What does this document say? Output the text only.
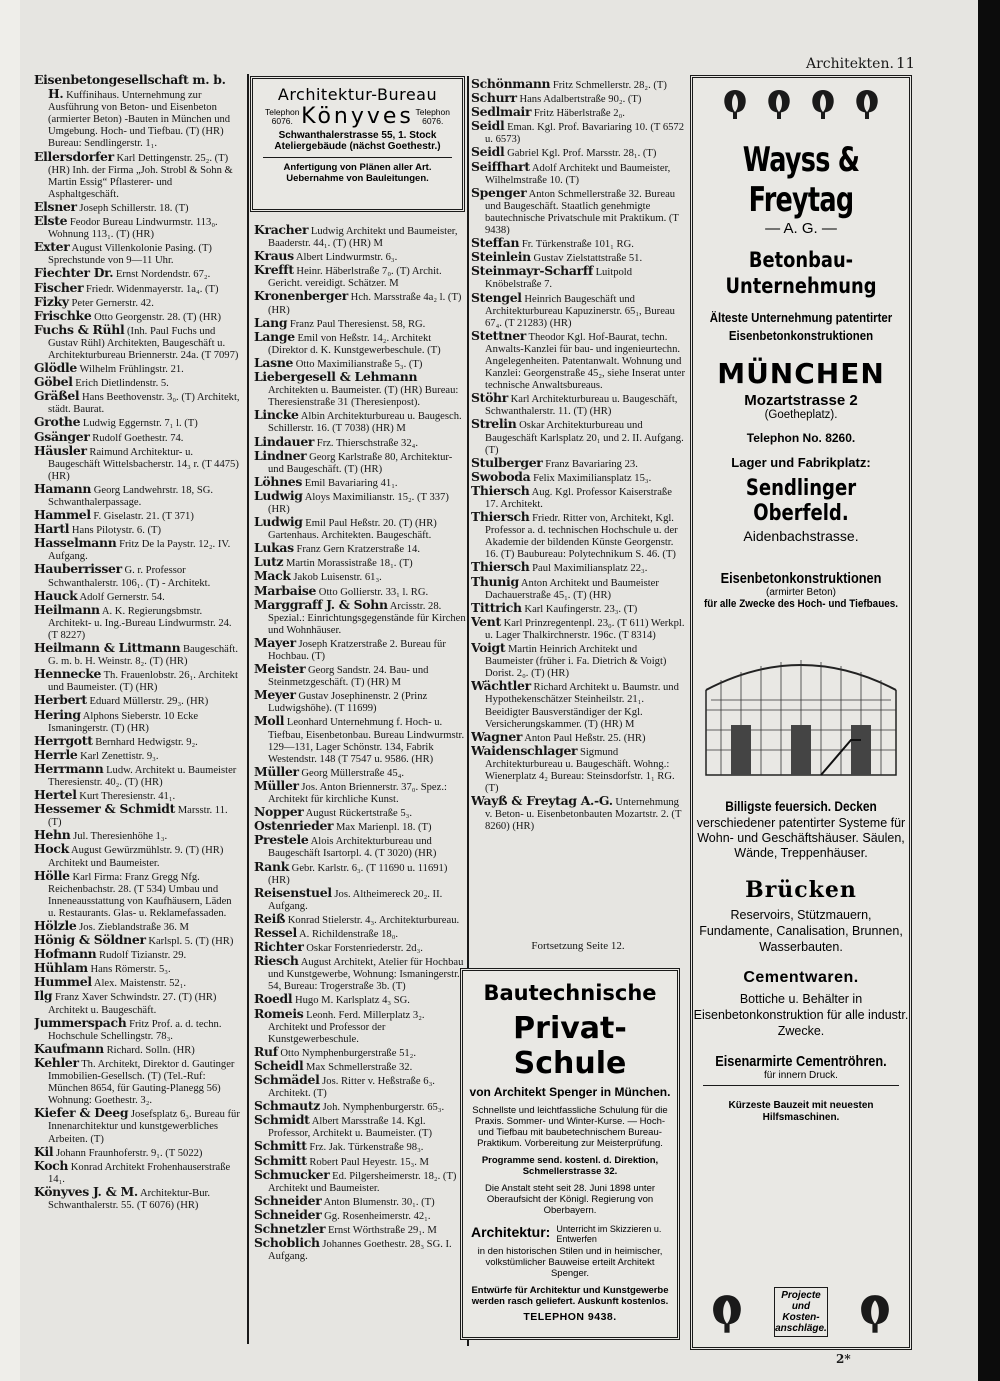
Architekten. 11

Eisenbetongesellschaft m. b. H. Kuffinihaus. Unternehmung zur Ausführung von Beton- und Eisenbeton (armierter Beton) -Bauten in München und Umgebung. Hoch- und Tiefbau. (T) (HR) Bureau: Sendlingerstr. 1₁.

Ellersdorfer Karl Dettingenstr. 25₂. (T) (HR) Inh. der Firma „Joh. Strobl & Sohn & Martin Essig“ Pflasterer- und Asphaltgeschäft.

Elsner Joseph Schillerstr. 18. (T)

Elste Feodor Bureau Lindwurmstr. 113₀. Wohnung 113₁. (T) (HR)

Exter August Villenkolonie Pasing. (T) Sprechstunde von 9—11 Uhr.

Fiechter Dr. Ernst Nordendstr. 67₂.

Fischer Friedr. Widenmayerstr. 1a₄. (T)

Fizky Peter Gernerstr. 42.

Frischke Otto Georgenstr. 28. (T) (HR)

Fuchs & Rühl (Inh. Paul Fuchs und Gustav Rühl) Architekten, Baugeschäft u. Architekturbureau Briennerstr. 24a. (T 7097)

Glödle Wilhelm Frühlingstr. 21.

Göbel Erich Dietlindenstr. 5.

Gräßel Hans Beethovenstr. 3₀. (T) Architekt, städt. Baurat.

Grothe Ludwig Eggernstr. 7₁ l. (T)

Gsänger Rudolf Goethestr. 74.

Häusler Raimund Architektur- u. Baugeschäft Wittelsbacherstr. 14₃ r. (T 4475) (HR)

Hamann Georg Landwehrstr. 18, SG. Schwanthalerpassage.

Hammel F. Giselastr. 21. (T 371)

Hartl Hans Pilotystr. 6. (T)

Hasselmann Fritz De la Paystr. 12₂. IV. Aufgang.

Hauberrisser G. r. Professor Schwanthalerstr. 106₁. (T) - Architekt.

Hauck Adolf Gernerstr. 54.

Heilmann A. K. Regierungsbmstr. Architekt- u. Ing.-Bureau Lindwurmstr. 24. (T 8227)

Heilmann & Littmann Baugeschäft. G. m. b. H. Weinstr. 8₂. (T) (HR)

Hennecke Th. Frauenlobstr. 26₁. Architekt und Baumeister. (T) (HR)

Herbert Eduard Müllerstr. 29₃. (HR)

Hering Alphons Sieberstr. 10 Ecke Ismaningerstr. (T) (HR)

Herrgott Bernhard Hedwigstr. 9₂.

Herrle Karl Zenettistr. 9₃.

Herrmann Ludw. Architekt u. Baumeister Theresienstr. 40₂. (T) (HR)

Hertel Kurt Theresienstr. 41₁.

Hessemer & Schmidt Marsstr. 11. (T)

Hehn Jul. Theresienhöhe 1₃.

Hock August Gewürzmühlstr. 9. (T) (HR) Architekt und Baumeister.

Hölle Karl Firma: Franz Gregg Nfg. Reichenbachstr. 28. (T 534) Umbau und Inneneausstattung von Kaufhäusern, Läden u. Restaurants. Glas- u. Reklamefassaden.

Hölzle Jos. Zieblandstraße 36. M

Hönig & Söldner Karlspl. 5. (T) (HR)

Hofmann Rudolf Tizianstr. 29.

Hühlam Hans Römerstr. 5₃.

Hummel Alex. Maistenstr. 52₁.

Ilg Franz Xaver Schwindstr. 27. (T) (HR) Architekt u. Baugeschäft.

Jummerspach Fritz Prof. a. d. techn. Hochschule Schellingstr. 78₃.

Kaufmann Richard. Solln. (HR)

Kehler Th. Architekt, Direktor d. Gautinger Immobilien-Gesellsch. (T) (Tel.-Ruf: München 8654, für Gauting-Planegg 56) Wohnung: Goethestr. 3₂.

Kiefer & Deeg Josefsplatz 6₃. Bureau für Innenarchitektur und kunstgewerbliches Arbeiten. (T)

Kil Johann Fraunhoferstr. 9₁. (T 5022)

Koch Konrad Architekt Frohenhauserstraße 14₁.

Könyves J. & M. Architektur-Bur. Schwanthalerstr. 55. (T 6076) (HR)

Architektur-Bureau
Telephon
6076. Könyves Telephon
6076.
Schwanthalerstrasse 55, 1. Stock
Ateliergebäude (nächst Goethestr.)
Anfertigung von Plänen aller Art.
Uebernahme von Bauleitungen.

Kracher Ludwig Architekt und Baumeister, Baaderstr. 44₁. (T) (HR) M

Kraus Albert Lindwurmstr. 6₃.

Krefft Heinr. Häberlstraße 7₀. (T) Archit. Gericht. vereidigt. Schätzer. M

Kronenberger Hch. Marsstraße 4a₂ l. (T) (HR)

Lang Franz Paul Theresienst. 58, RG.

Lange Emil von Heßstr. 14₂. Architekt (Direktor d. K. Kunstgewerbeschule. (T)

Lasne Otto Maximilianstraße 5₃. (T)

Liebergesell & Lehmann Architekten u. Baumeister. (T) (HR) Bureau: Theresienstraße 31 (Theresienpost).

Lincke Albin Architekturbureau u. Baugesch. Schillerstr. 16. (T 7038) (HR) M

Lindauer Frz. Thierschstraße 32₄.

Lindner Georg Karlstraße 80, Architektur- und Baugeschäft. (T) (HR)

Löhnes Emil Bavariaring 41₁.

Ludwig Aloys Maximilianstr. 15₂. (T 337) (HR)

Ludwig Emil Paul Heßstr. 20. (T) (HR) Gartenhaus. Architekten. Baugeschäft.

Lukas Franz Gern Kratzerstraße 14.

Lutz Martin Morassistraße 18₁. (T)

Mack Jakob Luisenstr. 61₃.

Marbaise Otto Gollierstr. 33₁ l. RG.

Marggraff J. & Sohn Arcisstr. 28. Spezial.: Einrichtungsgegenstände für Kirchen und Wohnhäuser.

Mayer Joseph Kratzerstraße 2. Bureau für Hochbau. (T)

Meister Georg Sandstr. 24. Bau- und Steinmetzgeschäft. (T) (HR) M

Meyer Gustav Josephinenstr. 2 (Prinz Ludwigshöhe). (T 11699)

Moll Leonhard Unternehmung f. Hoch- u. Tiefbau, Eisenbetonbau. Bureau Lindwurmstr. 129—131, Lager Schönstr. 134, Fabrik Westendstr. 148 (T 7547 u. 9586. (HR)

Müller Georg Müllerstraße 45₄.

Müller Jos. Anton Briennerstr. 37₀. Spez.: Architekt für kirchliche Kunst.

Nopper August Rückertstraße 5₃.

Ostenrieder Max Marienpl. 18. (T)

Prestele Alois Architekturbureau und Baugeschäft Isartorpl. 4. (T 3020) (HR)

Rank Gebr. Karlstr. 6₃. (T 11690 u. 11691) (HR)

Reisenstuel Jos. Altheimereck 20₂. II. Aufgang.

Reiß Konrad Stielerstr. 4₃. Architekturbureau.

Ressel A. Richildenstraße 18₀.

Richter Oskar Forstenriederstr. 2d₃.

Riesch August Architekt, Atelier für Hochbau und Kunstgewerbe, Wohnung: Ismaningerstr. 54, Bureau: Trogerstraße 3b. (T)

Roedl Hugo M. Karlsplatz 4₃ SG.

Romeis Leonh. Ferd. Millerplatz 3₂. Architekt und Professor der Kunstgewerbeschule.

Ruf Otto Nymphenburgerstraße 51₂.

Scheidl Max Schmellerstraße 32.

Schmädel Jos. Ritter v. Heßstraße 6₃. Architekt. (T)

Schmautz Joh. Nymphenburgerstr. 65₃.

Schmidt Albert Marsstraße 14. Kgl. Professor, Architekt u. Baumeister. (T)

Schmitt Frz. Jak. Türkenstraße 98₃.

Schmitt Robert Paul Heyestr. 15₃. M

Schmucker Ed. Pilgersheimerstr. 18₂. (T) Architekt und Baumeister.

Schneider Anton Blumenstr. 30₁. (T)

Schneider Gg. Rosenheimerstr. 42₁.

Schnetzler Ernst Wörthstraße 29₁. M

Schoblich Johannes Goethestr. 28₃ SG. I. Aufgang.

Schönmann Fritz Schmellerstr. 28₂. (T)

Schurr Hans Adalbertstraße 90₂. (T)

Sedlmair Fritz Häberlstraße 2₀.

Seidl Eman. Kgl. Prof. Bavariaring 10. (T 6572 u. 6573)

Seidl Gabriel Kgl. Prof. Marsstr. 28₁. (T)

Seiffhart Adolf Architekt und Baumeister, Wilhelmstraße 10. (T)

Spenger Anton Schmellerstraße 32. Bureau und Baugeschäft. Staatlich genehmigte bautechnische Privatschule mit Praktikum. (T 9438)

Steffan Fr. Türkenstraße 101₁ RG.

Steinlein Gustav Zielstattstraße 51.

Steinmayr-Scharff Luitpold Knöbelstraße 7.

Stengel Heinrich Baugeschäft und Architekturbureau Kapuzinerstr. 65₁, Bureau 67₄. (T 21283) (HR)

Stettner Theodor Kgl. Hof-Baurat, techn. Anwalts-Kanzlei für bau- und ingenieurtechn. Angelegenheiten. Patentanwalt. Wohnung und Kanzlei: Georgenstraße 45₂, siehe Inserat unter technische Anwaltsbureaus.

Stöhr Karl Architekturbureau u. Baugeschäft, Schwanthalerstr. 11. (T) (HR)

Strelin Oskar Architekturbureau und Baugeschäft Karlsplatz 20₁ und 2. II. Aufgang. (T)

Stulberger Franz Bavariaring 23.

Swoboda Felix Maximiliansplatz 15₃.

Thiersch Aug. Kgl. Professor Kaiserstraße 17. Architekt.

Thiersch Friedr. Ritter von, Architekt, Kgl. Professor a. d. technischen Hochschule u. der Akademie der bildenden Künste Georgenstr. 16. (T) Baubureau: Polytechnikum S. 46. (T)

Thiersch Paul Maximiliansplatz 22₃.

Thunig Anton Architekt und Baumeister Dachauerstraße 45₁. (T) (HR)

Tittrich Karl Kaufingerstr. 23₃. (T)

Vent Karl Prinzregentenpl. 23₀. (T 611) Werkpl. u. Lager Thalkirchnerstr. 196c. (T 8314)

Voigt Martin Heinrich Architekt und Baumeister (früher i. Fa. Dietrich & Voigt) Dorist. 2₀. (T) (HR)

Wächtler Richard Architekt u. Baumstr. und Hypothekenschätzer Steinheilstr. 21₁. Beeidigter Bausverständiger der Kgl. Versicherungskammer. (T) (HR) M

Wagner Anton Paul Heßstr. 25. (HR)

Waidenschlager Sigmund Architekturbureau u. Baugeschäft. Wohng.: Wienerplatz 4₂ Bureau: Steinsdorfstr. 1₁ RG. (T)

Wayß & Freytag A.-G. Unternehmung v. Beton- u. Eisenbetonbauten Mozartstr. 2. (T 8260) (HR)

Fortsetzung Seite 12.
Bautechnische
Privat-Schule
von Architekt Spenger in München.
Schnellste und leichtfassliche Schulung für die Praxis. Sommer- und Winter-Kurse. — Hoch- und Tiefbau mit baubetechnischem Bureau-Praktikum. Vorbereitung zur Meisterprüfung.
Programme send. kostenl. d. Direktion, Schmellerstrasse 32.
Die Anstalt steht seit 28. Juni 1898 unter Oberaufsicht der Königl. Regierung von Oberbayern.
Architektur: Unterricht im Skizzieren u. Entwerfen
in den historischen Stilen und in heimischer, volkstümlicher Bauweise erteilt Architekt Spenger.
Entwürfe für Architektur und Kunstgewerbe werden rasch geliefert. Auskunft kostenlos.
TELEPHON 9438.
Wayss & Freytag
— A. G. —
Betonbau-
Unternehmung
Älteste Unternehmung patentirter
Eisenbetonkonstruktionen
MÜNCHEN
Mozartstrasse 2
(Goetheplatz).
Telephon No. 8260.
Lager und Fabrikplatz:
Sendlinger Oberfeld.
Aidenbachstrasse.
Eisenbetonkonstruktionen
(armirter Beton)
für alle Zwecke des Hoch- und Tiefbaues.
Billigste feuersich. Decken
verschiedener patentirter Systeme für Wohn- und Geschäftshäuser. Säulen, Wände, Treppenhäuser.
Brücken
Reservoirs, Stützmauern, Fundamente, Canalisation, Brunnen, Wasserbauten.
Cementwaren.
Bottiche u. Behälter in Eisenbetonkonstruktion für alle industr. Zwecke.
Eisenarmirte Cementröhren.
für innern Druck.
Kürzeste Bauzeit mit neuesten Hilfsmaschinen.
Projecte und Kosten-anschläge.
2*
